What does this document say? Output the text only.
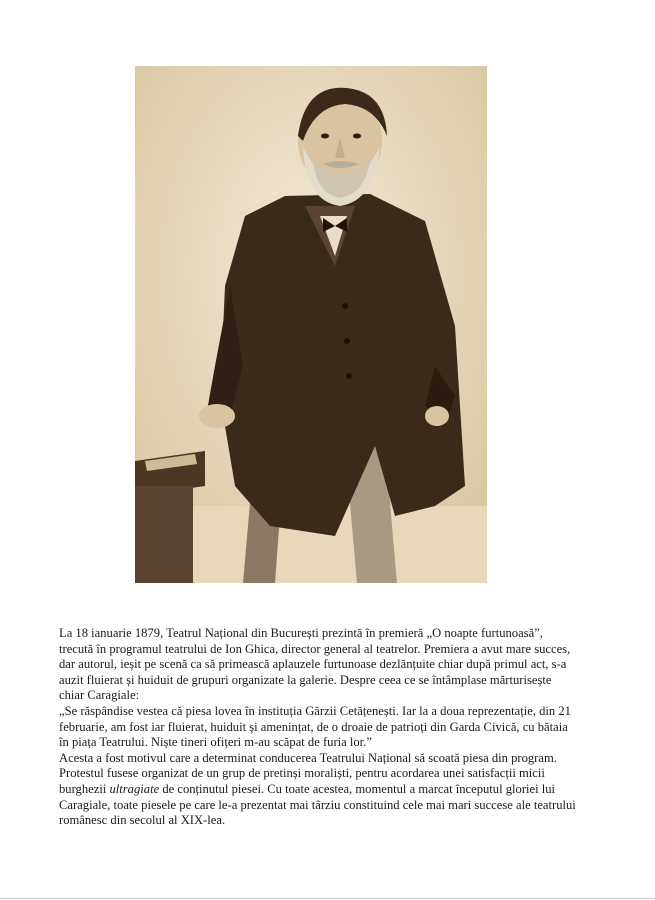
La 18 ianuarie 1879, Teatrul Național din București prezintă în premieră „O noapte furtunoasă”, trecută în programul teatrului de Ion Ghica, director general al teatrelor. Premiera a avut mare succes, dar autorul, ieșit pe scenă ca să primească aplauzele furtunoase dezlănțuite chiar după primul act, s-a auzit fluierat și huiduit de grupuri organizate la galerie. Despre ceea ce se întâmplase mărturisește chiar Caragiale:

„Se răspândise vestea că piesa lovea în instituția Gărzii Cetățenești. Iar la a doua reprezentație, din 21 februarie, am fost iar fluierat, huiduit și amenințat, de o droaie de patrioți din Garda Civică, cu bătaia în piața Teatrului. Niște tineri ofițeri m-au scăpat de furia lor.”

Acesta a fost motivul care a determinat conducerea Teatrului Național să scoată piesa din program.

Protestul fusese organizat de un grup de pretinși moraliști, pentru acordarea unei satisfacții micii burghezii ultragiate de conținutul piesei. Cu toate acestea, momentul a marcat începutul gloriei lui Caragiale, toate piesele pe care le-a prezentat mai târziu constituind cele mai mari succese ale teatrului românesc din secolul al XIX-lea.
